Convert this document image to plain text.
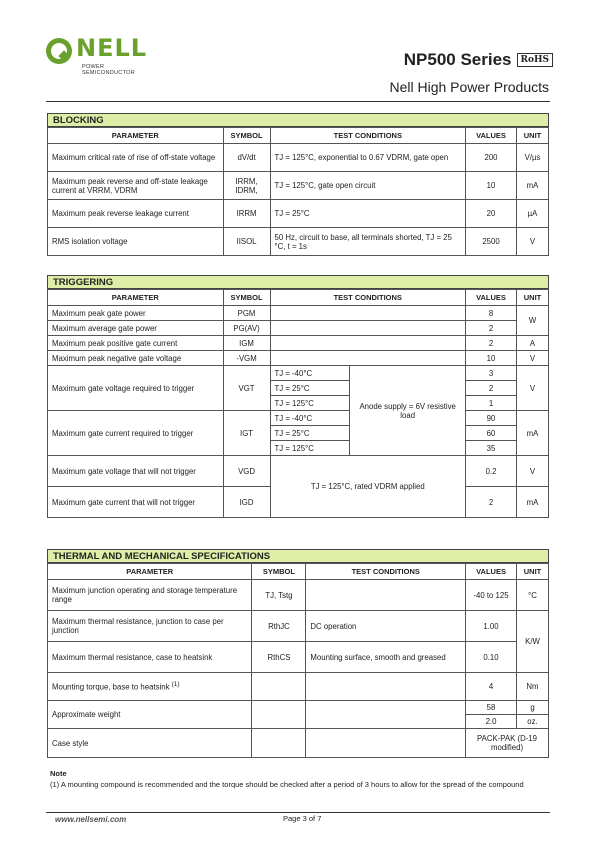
NELL
POWER SEMICONDUCTOR
NP500 Series	RoHS
Nell High Power Products
BLOCKING
PARAMETER	SYMBOL	TEST CONDITIONS	VALUES	UNIT
Maximum critical rate of rise of off-state voltage	dV/dt	TJ = 125°C, exponential to 0.67 VDRM, gate open	200	V/µs
Maximum peak reverse and off-state leakage current at VRRM, VDRM	IRRM, IDRM,	TJ = 125°C, gate open circuit	10	mA
Maximum peak reverse leakage current	IRRM	TJ = 25°C	20	µA
RMS isolation voltage	IISOL	50 Hz, circuit to base, all terminals shorted, TJ = 25 °C, t = 1s	2500	V
TRIGGERING
PARAMETER	SYMBOL	TEST CONDITIONS		VALUES	UNIT
Maximum peak gate power	PGM			8	W
Maximum average gate power	PG(AV)			2	
Maximum peak positive gate current	IGM			2	A
Maximum peak negative gate voltage	-VGM			10	V
Maximum gate voltage required to trigger	VGT	TJ = -40°C	Anode supply = 6V resistive load	3	V
		TJ = 25°C		2	
		TJ = 125°C		1	
Maximum gate current required to trigger	IGT	TJ = -40°C		90	mA
		TJ = 25°C		60	
		TJ = 125°C		35	
Maximum gate voltage that will not trigger	VGD	TJ = 125°C, rated VDRM applied		0.2	V
Maximum gate current that will not trigger	IGD			2	mA
THERMAL AND MECHANICAL SPECIFICATIONS
PARAMETER	SYMBOL	TEST CONDITIONS	VALUES	UNIT
Maximum junction operating and storage temperature range	TJ, Tstg		-40 to 125	°C
Maximum thermal resistance, junction to case per junction	RthJC	DC operation	1.00	K/W
Maximum thermal resistance, case to heatsink	RthCS	Mounting surface, smooth and greased	0.10	
Mounting torque, base to heatsink $^{(1)}$			4	Nm
Approximate weight			58	g
			2.0	oz.
Case style			PACK-PAK (D-19 modified)	
Note
(1) A mounting compound is recommended and the torque should be checked after a period of 3 hours to allow for the spread of the compound
www.nellsemi.com	Page 3 of 7
